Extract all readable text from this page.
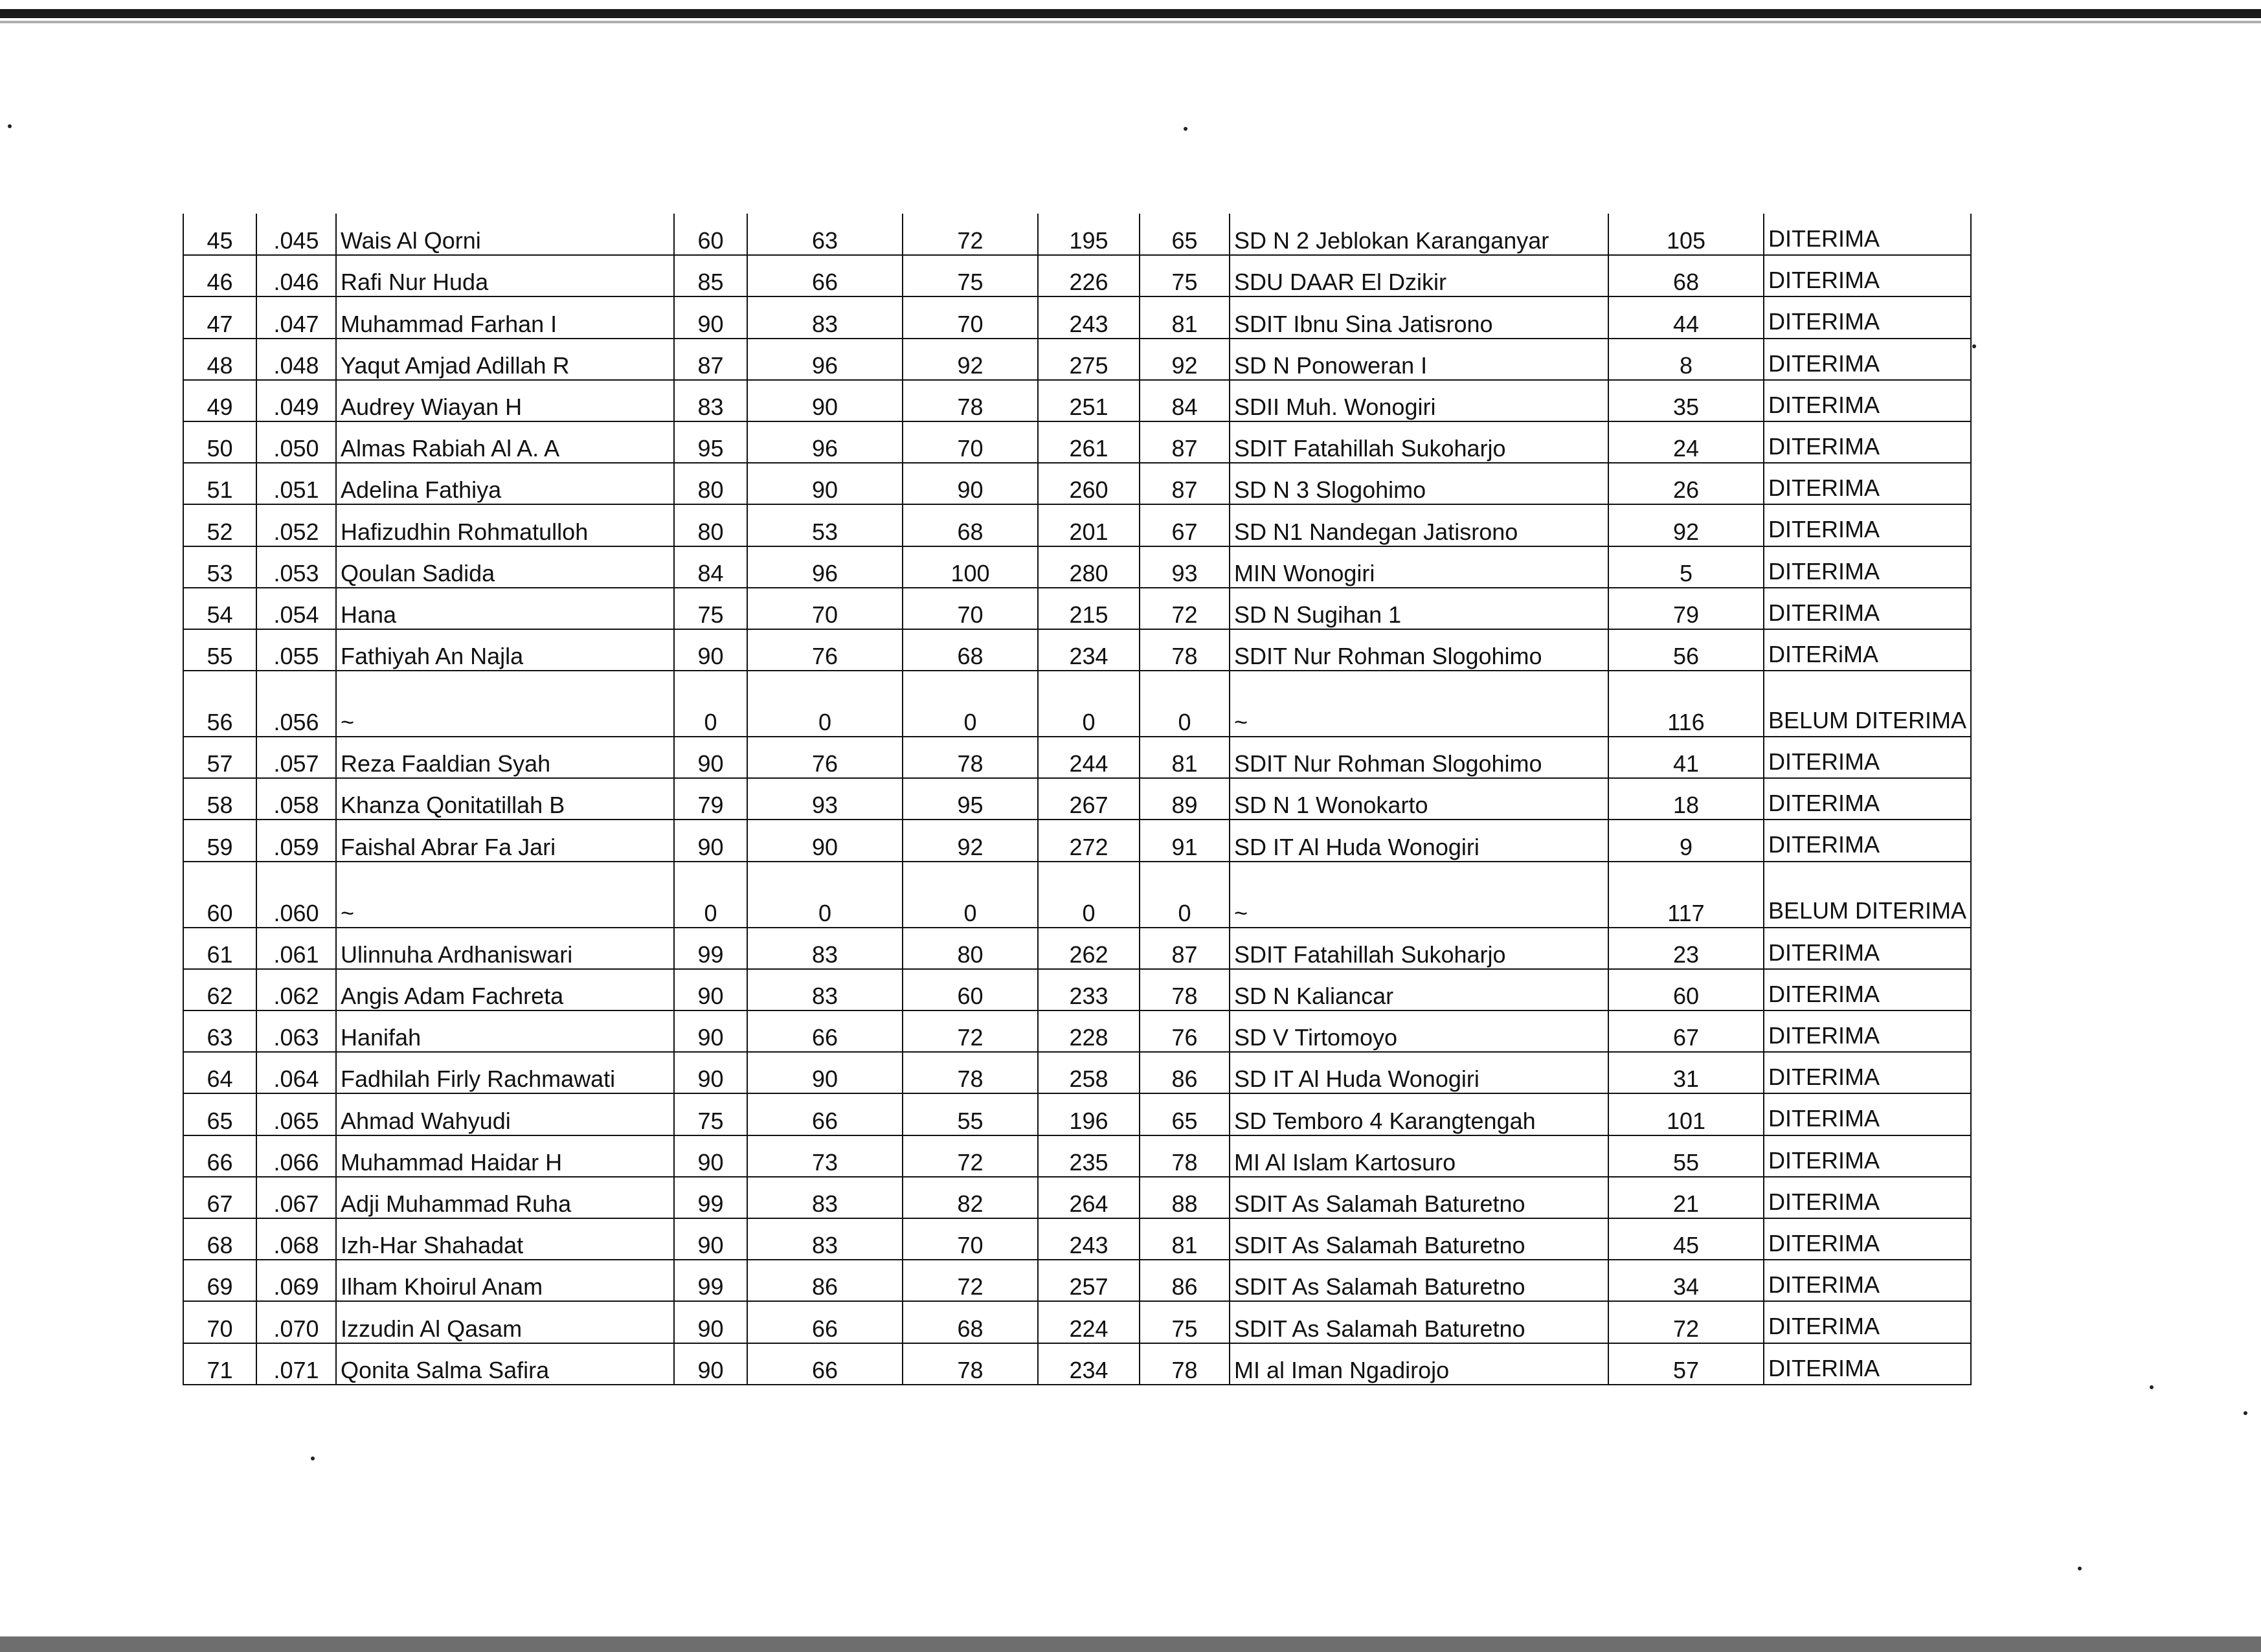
45	.045	Wais Al Qorni	60	63	72	195	65	SD N 2 Jeblokan Karanganyar	105	DITERIMA
46	.046	Rafi Nur Huda	85	66	75	226	75	SDU DAAR El Dzikir	68	DITERIMA
47	.047	Muhammad Farhan I	90	83	70	243	81	SDIT Ibnu Sina Jatisrono	44	DITERIMA
48	.048	Yaqut Amjad Adillah R	87	96	92	275	92	SD N Ponoweran I	8	DITERIMA
49	.049	Audrey Wiayan H	83	90	78	251	84	SDII Muh. Wonogiri	35	DITERIMA
50	.050	Almas Rabiah Al A. A	95	96	70	261	87	SDIT Fatahillah Sukoharjo	24	DITERIMA
51	.051	Adelina Fathiya	80	90	90	260	87	SD N 3 Slogohimo	26	DITERIMA
52	.052	Hafizudhin Rohmatulloh	80	53	68	201	67	SD N1 Nandegan Jatisrono	92	DITERIMA
53	.053	Qoulan Sadida	84	96	100	280	93	MIN Wonogiri	5	DITERIMA
54	.054	Hana	75	70	70	215	72	SD N Sugihan 1	79	DITERIMA
55	.055	Fathiyah An Najla	90	76	68	234	78	SDIT Nur Rohman Slogohimo	56	DITERiMA
56	.056	~	0	0	0	0	0	~	116	BELUM DITERIMA
57	.057	Reza Faaldian Syah	90	76	78	244	81	SDIT Nur Rohman Slogohimo	41	DITERIMA
58	.058	Khanza Qonitatillah B	79	93	95	267	89	SD N 1 Wonokarto	18	DITERIMA
59	.059	Faishal Abrar Fa Jari	90	90	92	272	91	SD IT Al Huda Wonogiri	9	DITERIMA
60	.060	~	0	0	0	0	0	~	117	BELUM DITERIMA
61	.061	Ulinnuha Ardhaniswari	99	83	80	262	87	SDIT Fatahillah Sukoharjo	23	DITERIMA
62	.062	Angis Adam Fachreta	90	83	60	233	78	SD N Kaliancar	60	DITERIMA
63	.063	Hanifah	90	66	72	228	76	SD V Tirtomoyo	67	DITERIMA
64	.064	Fadhilah Firly Rachmawati	90	90	78	258	86	SD IT Al Huda Wonogiri	31	DITERIMA
65	.065	Ahmad Wahyudi	75	66	55	196	65	SD Temboro 4 Karangtengah	101	DITERIMA
66	.066	Muhammad Haidar H	90	73	72	235	78	MI Al Islam Kartosuro	55	DITERIMA
67	.067	Adji Muhammad Ruha	99	83	82	264	88	SDIT As Salamah Baturetno	21	DITERIMA
68	.068	Izh-Har Shahadat	90	83	70	243	81	SDIT As Salamah Baturetno	45	DITERIMA
69	.069	Ilham Khoirul Anam	99	86	72	257	86	SDIT As Salamah Baturetno	34	DITERIMA
70	.070	Izzudin Al Qasam	90	66	68	224	75	SDIT As Salamah Baturetno	72	DITERIMA
71	.071	Qonita Salma Safira	90	66	78	234	78	MI al Iman Ngadirojo	57	DITERIMA
